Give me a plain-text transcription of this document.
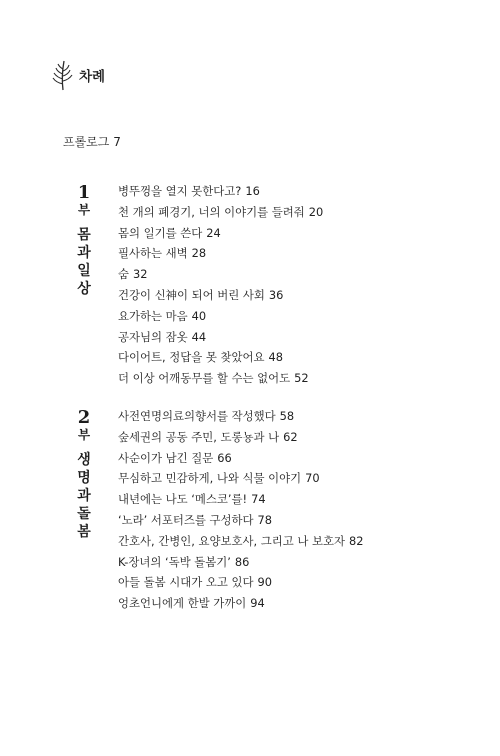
차례
프롤로그 7
1
부
몸
과
일
상
병뚜껑을 열지 못한다고? 16
천 개의 폐경기, 너의 이야기를 들려줘 20
몸의 일기를 쓴다 24
필사하는 새벽 28
숨 32
건강이 신神이 되어 버린 사회 36
요가하는 마음 40
공자님의 잠옷 44
다이어트, 정답을 못 찾았어요 48
더 이상 어깨동무를 할 수는 없어도 52
2
부
생
명
과
돌
봄
사전연명의료의향서를 작성했다 58
숲세권의 공동 주민, 도롱뇽과 나 62
사순이가 남긴 질문 66
무심하고 민감하게, 나와 식물 이야기 70
내년에는 나도 ‘메스코’를! 74
‘노라’ 서포터즈를 구성하다 78
간호사, 간병인, 요양보호사, 그리고 나 보호자 82
K-장녀의 ‘독박 돌봄기’ 86
아들 돌봄 시대가 오고 있다 90
엉초언니에게 한발 가까이 94
